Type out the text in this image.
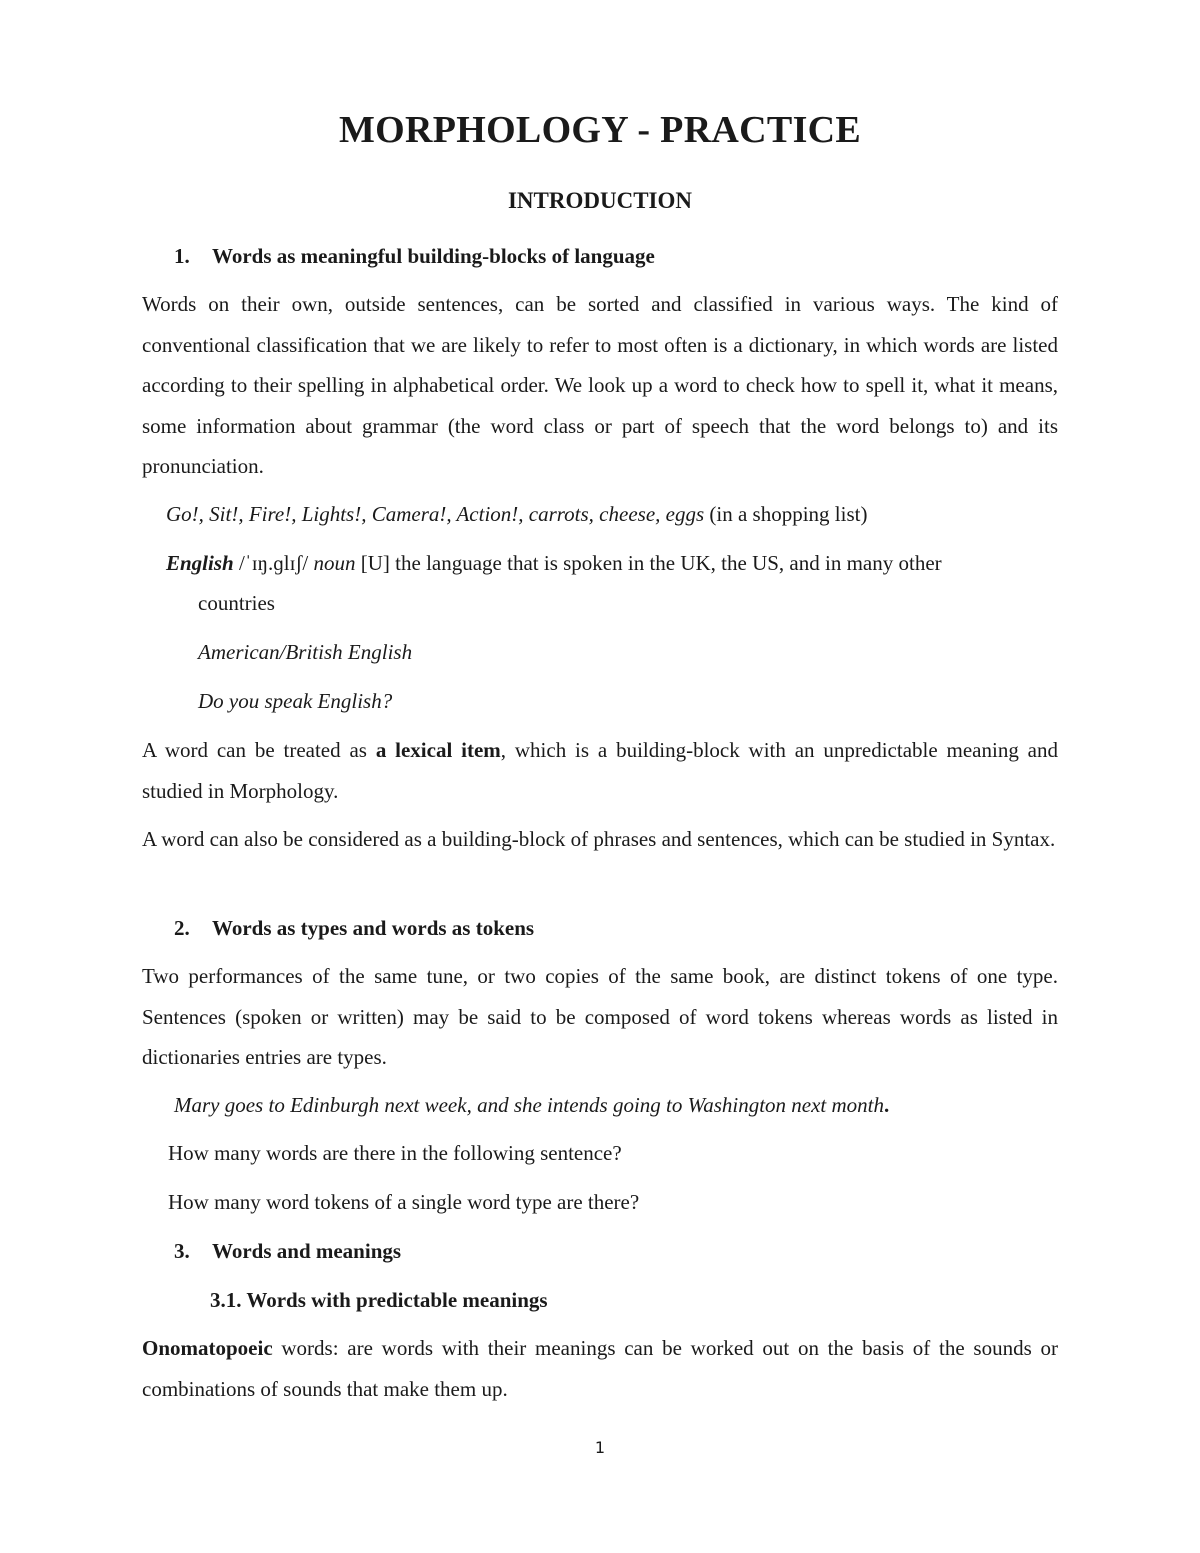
MORPHOLOGY - PRACTICE
INTRODUCTION
1. Words as meaningful building-blocks of language
Words on their own, outside sentences, can be sorted and classified in various ways. The kind of conventional classification that we are likely to refer to most often is a dictionary, in which words are listed according to their spelling in alphabetical order. We look up a word to check how to spell it, what it means, some information about grammar (the word class or part of speech that the word belongs to) and its pronunciation.
Go!, Sit!, Fire!, Lights!, Camera!, Action!, carrots, cheese, eggs (in a shopping list)
English /ˈɪŋ.ɡlɪʃ/ noun [U] the language that is spoken in the UK, the US, and in many other
countries
American/British English
Do you speak English?
A word can be treated as a lexical item, which is a building-block with an unpredictable meaning and studied in Morphology.
A word can also be considered as a building-block of phrases and sentences, which can be studied in Syntax.
2. Words as types and words as tokens
Two performances of the same tune, or two copies of the same book, are distinct tokens of one type. Sentences (spoken or written) may be said to be composed of word tokens whereas words as listed in dictionaries entries are types.
Mary goes to Edinburgh next week, and she intends going to Washington next month.
How many words are there in the following sentence?
How many word tokens of a single word type are there?
3. Words and meanings
3.1. Words with predictable meanings
Onomatopoeic words: are words with their meanings can be worked out on the basis of the sounds or combinations of sounds that make them up.
1
